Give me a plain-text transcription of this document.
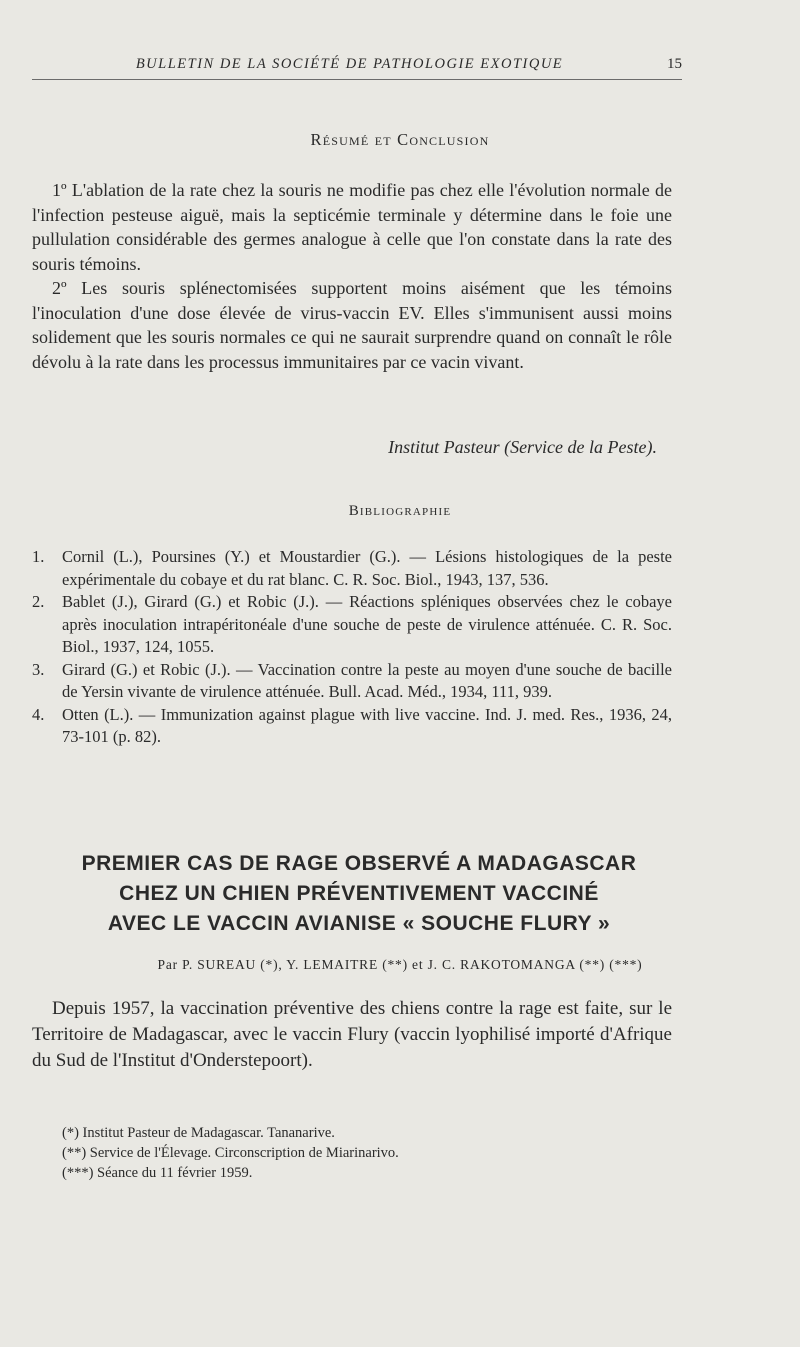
BULLETIN DE LA SOCIÉTÉ DE PATHOLOGIE EXOTIQUE	15
Résumé et Conclusion

1º L'ablation de la rate chez la souris ne modifie pas chez elle l'évolution normale de l'infection pesteuse aiguë, mais la septicémie terminale y détermine dans le foie une pullulation considérable des germes analogue à celle que l'on constate dans la rate des souris témoins.

2º Les souris splénectomisées supportent moins aisément que les témoins l'inoculation d'une dose élevée de virus-vaccin EV. Elles s'immunisent aussi moins solidement que les souris normales ce qui ne saurait surprendre quand on connaît le rôle dévolu à la rate dans les processus immunitaires par ce vacin vivant.

Institut Pasteur (Service de la Peste).
Bibliographie
1.	Cornil (L.), Poursines (Y.) et Moustardier (G.). — Lésions histologiques de la peste expérimentale du cobaye et du rat blanc. C. R. Soc. Biol., 1943, 137, 536.
2.	Bablet (J.), Girard (G.) et Robic (J.). — Réactions spléniques observées chez le cobaye après inoculation intrapéritonéale d'une souche de peste de virulence atténuée. C. R. Soc. Biol., 1937, 124, 1055.
3.	Girard (G.) et Robic (J.). — Vaccination contre la peste au moyen d'une souche de bacille de Yersin vivante de virulence atténuée. Bull. Acad. Méd., 1934, 111, 939.
4.	Otten (L.). — Immunization against plague with live vaccine. Ind. J. med. Res., 1936, 24, 73-101 (p. 82).
PREMIER CAS DE RAGE OBSERVÉ A MADAGASCAR
CHEZ UN CHIEN PRÉVENTIVEMENT VACCINÉ
AVEC LE VACCIN AVIANISE « SOUCHE FLURY »
Par P. SUREAU (*), Y. LEMAITRE (**) et J. C. RAKOTOMANGA (**) (***)

Depuis 1957, la vaccination préventive des chiens contre la rage est faite, sur le Territoire de Madagascar, avec le vaccin Flury (vaccin lyophilisé importé d'Afrique du Sud de l'Institut d'Onderstepoort).

(*) Institut Pasteur de Madagascar. Tananarive.
(**) Service de l'Élevage. Circonscription de Miarinarivo.
(***) Séance du 11 février 1959.
